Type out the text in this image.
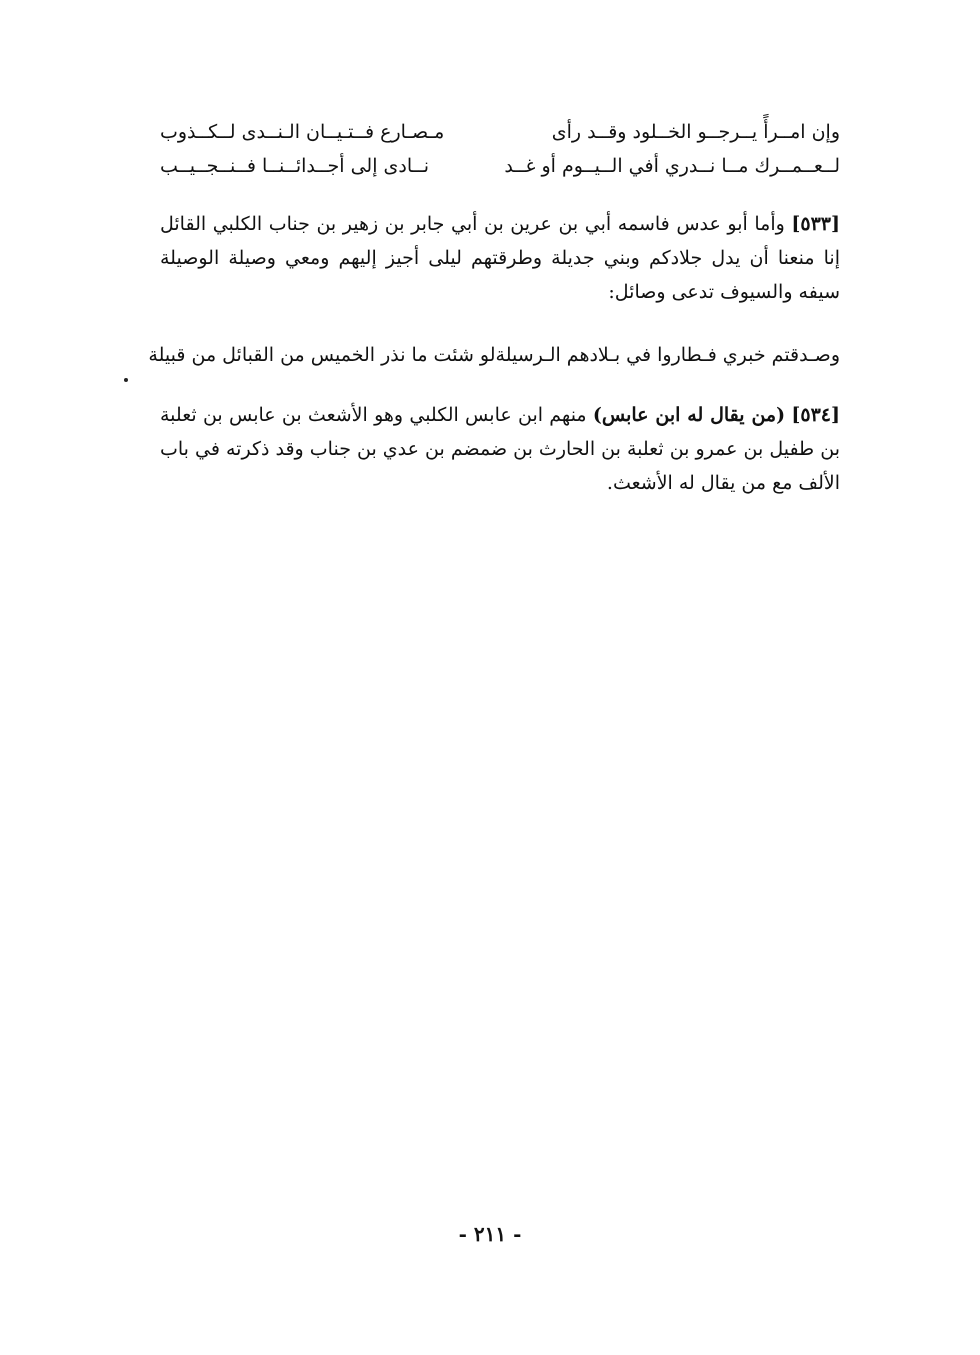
وإن امــرأً يــرجــو الخــلود وقــد رأى
مـصـارع فــتـيــان الـنــدى لــكــذوب
لــعــمــرك مــا نــدري أفي الــيــوم أو غــد
نــادى إلى أجــدائــنــا فــنــجــيــب

[٥٣٣] وأما أبو عدس فاسمه أبي بن عرين بن أبي جابر بن زهير بن جناب الكلبي القائل إنا منعنا أن يدل جلادكم وبني جديلة وطرقتهم ليلى أجيز إليهم ومعي وصيلة الوصيلة سيفه والسيوف تدعى وصائل:

وصـدقتم خبري فـطاروا في بـلادهم الـرسيلة
لو شئت ما نذر الخميس من القبائل من قبيلة

[٥٣٤] (من يقال له ابن عابس) منهم ابن عابس الكلبي وهو الأشعث بن عابس بن ثعلبة بن طفيل بن عمرو بن ثعلبة بن الحارث بن ضمضم بن عدي بن جناب وقد ذكرته في باب الألف مع من يقال له الأشعث.

- ٢١١ -
